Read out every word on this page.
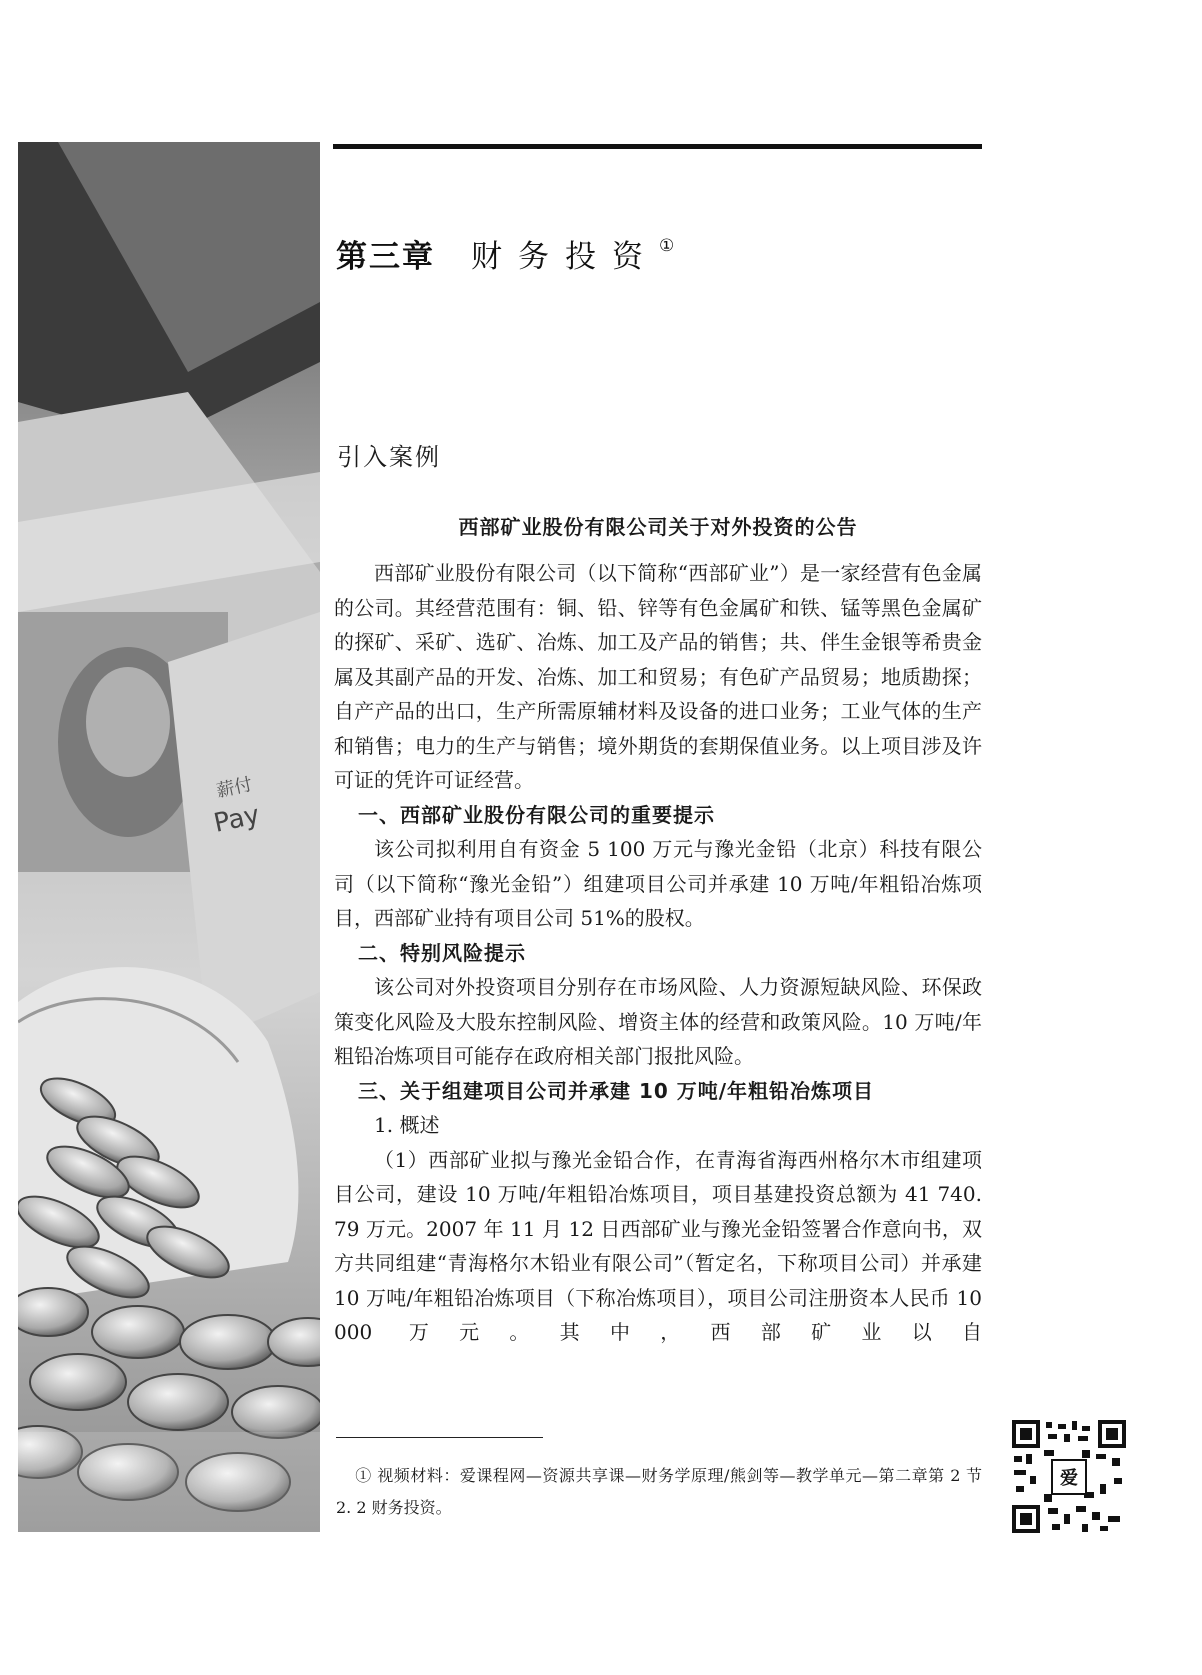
薪付
Pay
第三章 财务投资①
引入案例
西部矿业股份有限公司关于对外投资的公告

西部矿业股份有限公司（以下简称“西部矿业”）是一家经营有色金属的公司。其经营范围有：铜、铅、锌等有色金属矿和铁、锰等黑色金属矿的探矿、采矿、选矿、冶炼、加工及产品的销售；共、伴生金银等希贵金属及其副产品的开发、冶炼、加工和贸易；有色矿产品贸易；地质勘探；自产产品的出口，生产所需原辅材料及设备的进口业务；工业气体的生产和销售；电力的生产与销售；境外期货的套期保值业务。以上项目涉及许可证的凭许可证经营。

一、西部矿业股份有限公司的重要提示

该公司拟利用自有资金 5 100 万元与豫光金铅（北京）科技有限公司（以下简称“豫光金铅”）组建项目公司并承建 10 万吨/年粗铅冶炼项目，西部矿业持有项目公司 51%的股权。

二、特别风险提示

该公司对外投资项目分别存在市场风险、人力资源短缺风险、环保政策变化风险及大股东控制风险、增资主体的经营和政策风险。10 万吨/年粗铅冶炼项目可能存在政府相关部门报批风险。

三、关于组建项目公司并承建 10 万吨/年粗铅冶炼项目

1. 概述

（1）西部矿业拟与豫光金铅合作，在青海省海西州格尔木市组建项目公司，建设 10 万吨/年粗铅冶炼项目，项目基建投资总额为 41 740. 79 万元。2007 年 11 月 12 日西部矿业与豫光金铅签署合作意向书，双方共同组建“青海格尔木铅业有限公司”（暂定名，下称项目公司）并承建 10 万吨/年粗铅冶炼项目（下称冶炼项目），项目公司注册资本人民币 10 000 万元。其中，西部矿业以自

① 视频材料：爱课程网—资源共享课—财务学原理/熊剑等—教学单元—第二章第 2 节 2. 2 财务投资。

爱
